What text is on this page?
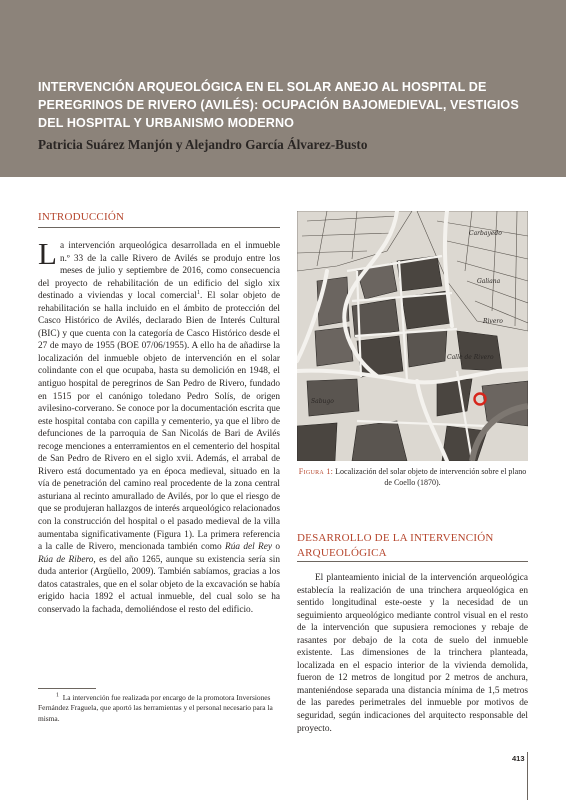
INTERVENCIÓN ARQUEOLÓGICA EN EL SOLAR ANEJO AL HOSPITAL DE PEREGRINOS DE RIVERO (AVILÉS): OCUPACIÓN BAJOMEDIEVAL, VESTIGIOS DEL HOSPITAL Y URBANISMO MODERNO

Patricia Suárez Manjón y Alejandro García Álvarez-Busto

INTRODUCCIÓN

La intervención arqueológica desarrollada en el inmueble n.º 33 de la calle Rivero de Avilés se produjo entre los meses de julio y septiembre de 2016, como consecuencia del proyecto de rehabilitación de un edificio del siglo xix destinado a viviendas y local comercial$^1$. El solar objeto de rehabilitación se halla incluido en el ámbito de protección del Casco Histórico de Avilés, declarado Bien de Interés Cultural (BIC) y que cuenta con la categoría de Casco Histórico desde el 27 de mayo de 1955 (BOE 07/06/1955). A ello ha de añadirse la localización del inmueble objeto de intervención en el solar colindante con el que ocupaba, hasta su demolición en 1948, el antiguo hospital de peregrinos de San Pedro de Rivero, fundado en 1515 por el canónigo toledano Pedro Solís, de origen avilesino-corverano. Se conoce por la documentación escrita que este hospital contaba con capilla y cementerio, ya que el libro de defunciones de la parroquia de San Nicolás de Bari de Avilés recoge menciones a enterramientos en el cementerio del hospital de San Pedro de Rivero en el siglo xvii. Además, el arrabal de Rivero está documentado ya en época medieval, situado en la vía de penetración del camino real procedente de la zona central asturiana al recinto amurallado de Avilés, por lo que el riesgo de que se produjeran hallazgos de interés arqueológico relacionados con la construcción del hospital o el pasado medieval de la villa aumentaba significativamente (Figura 1). La primera referencia a la calle de Rivero, mencionada también como Rúa del Rey o Rúa de Ribero, es del año 1265, aunque su existencia sería sin duda anterior (Argüello, 2009). También sabíamos, gracias a los datos catastrales, que en el solar objeto de la excavación se había erigido hacia 1892 el actual inmueble, del cual solo se ha conservado la fachada, demoliéndose el resto del edificio.

$^1$ La intervención fue realizada por encargo de la promotora Inversiones Fernández Fraguela, que aportó las herramientas y el personal necesario para la misma.

Rivero
Calle de Rivero
Galiana
Sabugo
Carbayedo

Figura 1: Localización del solar objeto de intervención sobre el plano de Coello (1870).

DESARROLLO DE LA INTERVENCIÓN ARQUEOLÓGICA

El planteamiento inicial de la intervención arqueológica establecía la realización de una trinchera arqueológica en sentido longitudinal este-oeste y la necesidad de un seguimiento arqueológico mediante control visual en el resto de la intervención que supusiera remociones y rebaje de rasantes por debajo de la cota de suelo del inmueble existente. Las dimensiones de la trinchera planteada, localizada en el espacio interior de la vivienda demolida, fueron de 12 metros de longitud por 2 metros de anchura, manteniéndose separada una distancia mínima de 1,5 metros de las paredes perimetrales del inmueble por motivos de seguridad, según indicaciones del arquitecto responsable del proyecto.

413
